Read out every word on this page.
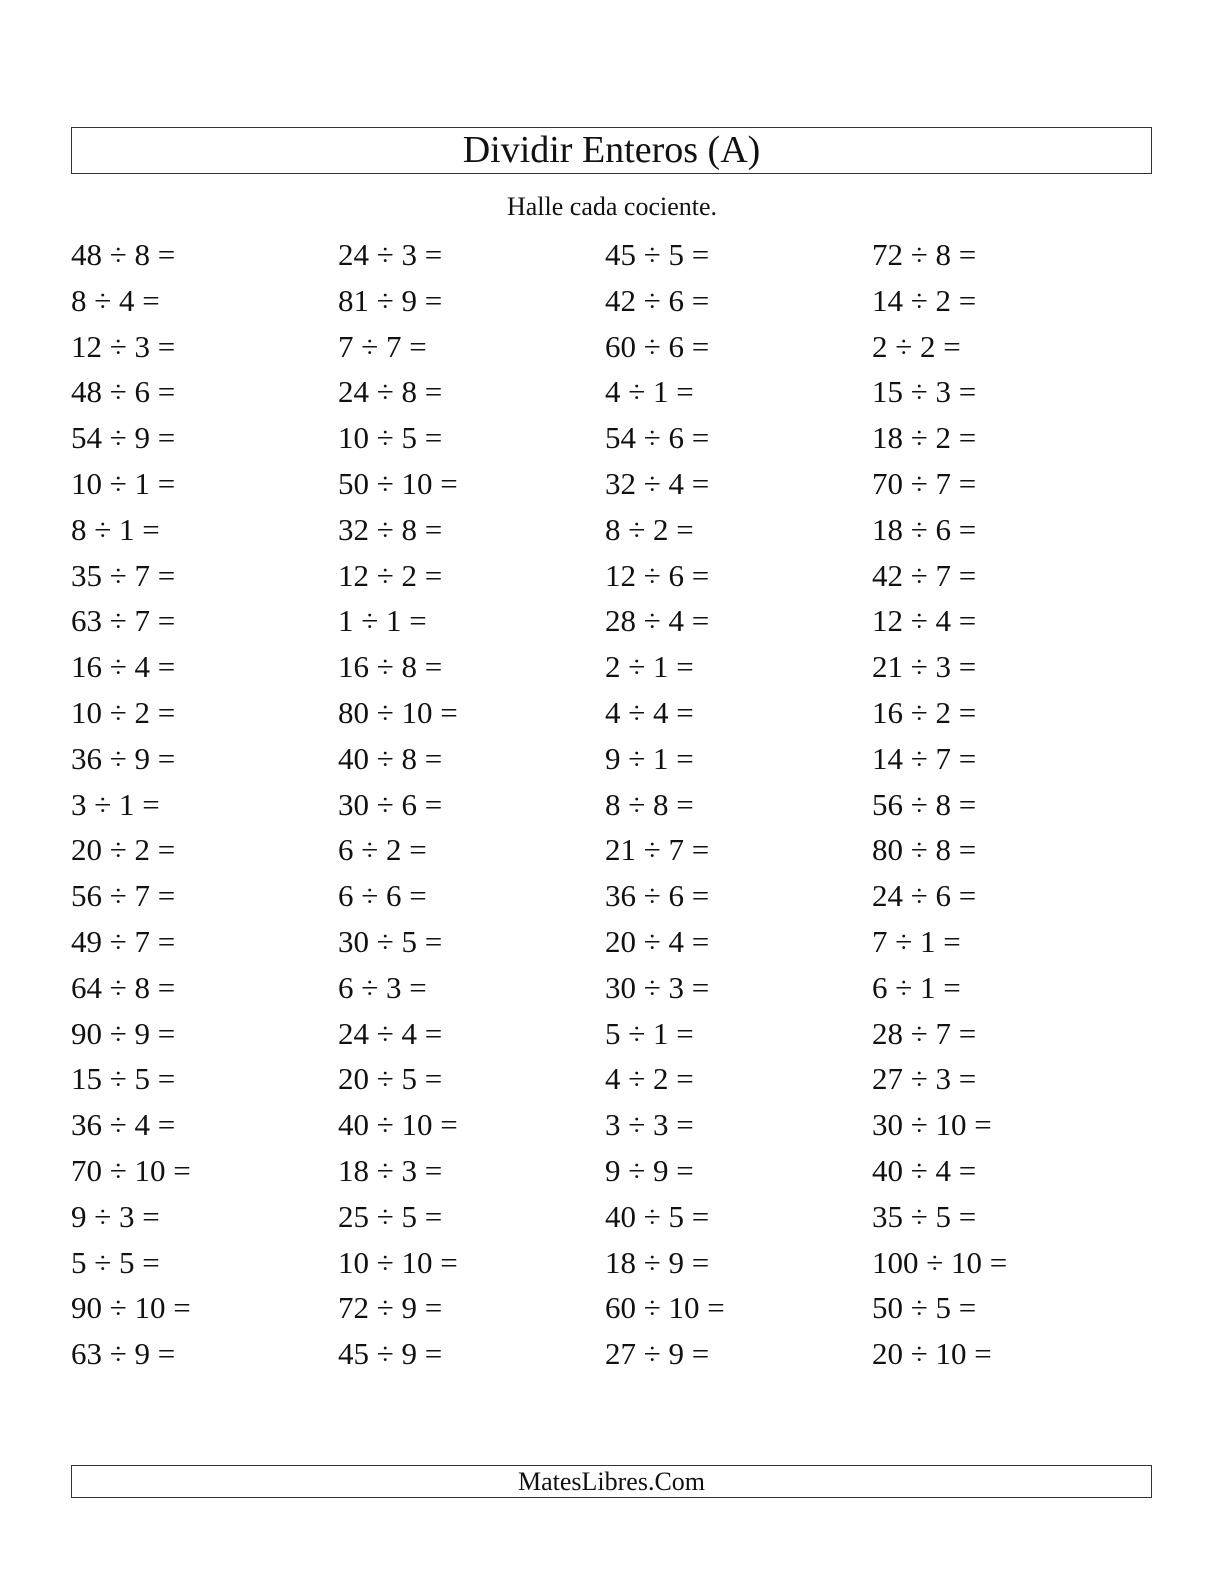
Dividir Enteros (A)
Halle cada cociente.
48 ÷ 8 =	24 ÷ 3 =	45 ÷ 5 =	72 ÷ 8 =
8 ÷ 4 =	81 ÷ 9 =	42 ÷ 6 =	14 ÷ 2 =
12 ÷ 3 =	7 ÷ 7 =	60 ÷ 6 =	2 ÷ 2 =
48 ÷ 6 =	24 ÷ 8 =	4 ÷ 1 =	15 ÷ 3 =
54 ÷ 9 =	10 ÷ 5 =	54 ÷ 6 =	18 ÷ 2 =
10 ÷ 1 =	50 ÷ 10 =	32 ÷ 4 =	70 ÷ 7 =
8 ÷ 1 =	32 ÷ 8 =	8 ÷ 2 =	18 ÷ 6 =
35 ÷ 7 =	12 ÷ 2 =	12 ÷ 6 =	42 ÷ 7 =
63 ÷ 7 =	1 ÷ 1 =	28 ÷ 4 =	12 ÷ 4 =
16 ÷ 4 =	16 ÷ 8 =	2 ÷ 1 =	21 ÷ 3 =
10 ÷ 2 =	80 ÷ 10 =	4 ÷ 4 =	16 ÷ 2 =
36 ÷ 9 =	40 ÷ 8 =	9 ÷ 1 =	14 ÷ 7 =
3 ÷ 1 =	30 ÷ 6 =	8 ÷ 8 =	56 ÷ 8 =
20 ÷ 2 =	6 ÷ 2 =	21 ÷ 7 =	80 ÷ 8 =
56 ÷ 7 =	6 ÷ 6 =	36 ÷ 6 =	24 ÷ 6 =
49 ÷ 7 =	30 ÷ 5 =	20 ÷ 4 =	7 ÷ 1 =
64 ÷ 8 =	6 ÷ 3 =	30 ÷ 3 =	6 ÷ 1 =
90 ÷ 9 =	24 ÷ 4 =	5 ÷ 1 =	28 ÷ 7 =
15 ÷ 5 =	20 ÷ 5 =	4 ÷ 2 =	27 ÷ 3 =
36 ÷ 4 =	40 ÷ 10 =	3 ÷ 3 =	30 ÷ 10 =
70 ÷ 10 =	18 ÷ 3 =	9 ÷ 9 =	40 ÷ 4 =
9 ÷ 3 =	25 ÷ 5 =	40 ÷ 5 =	35 ÷ 5 =
5 ÷ 5 =	10 ÷ 10 =	18 ÷ 9 =	100 ÷ 10 =
90 ÷ 10 =	72 ÷ 9 =	60 ÷ 10 =	50 ÷ 5 =
63 ÷ 9 =	45 ÷ 9 =	27 ÷ 9 =	20 ÷ 10 =
MatesLibres.Com
